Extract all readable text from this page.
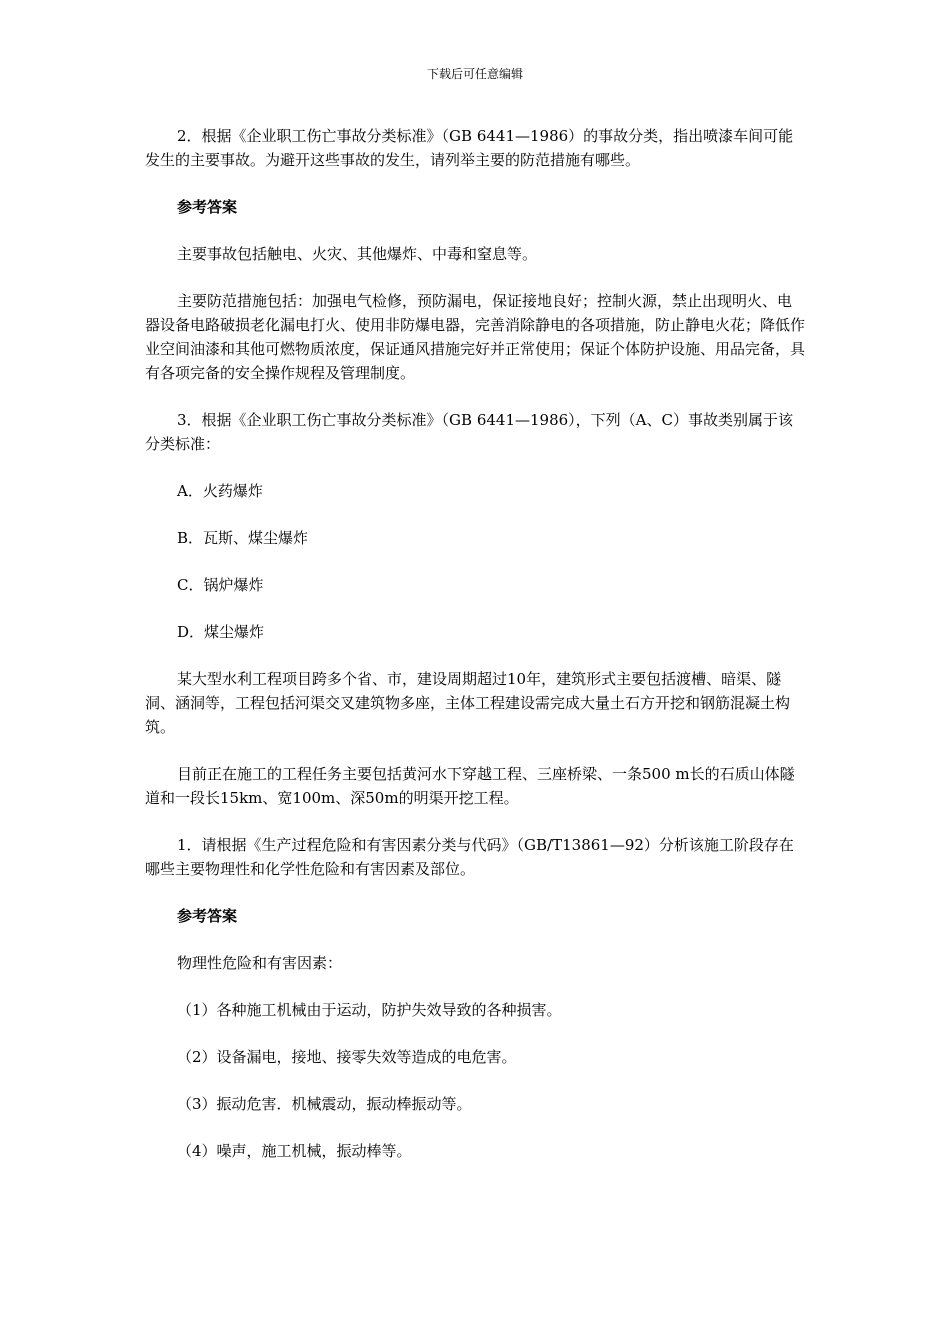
下载后可任意编辑

2．根据《企业职工伤亡事故分类标准》（GB 6441—1986）的事故分类，指出喷漆车间可能发生的主要事故。为避开这些事故的发生，请列举主要的防范措施有哪些。

参考答案

主要事故包括触电、火灾、其他爆炸、中毒和窒息等。

主要防范措施包括：加强电气检修，预防漏电，保证接地良好；控制火源，禁止出现明火、电器设备电路破损老化漏电打火、使用非防爆电器，完善消除静电的各项措施，防止静电火花；降低作业空间油漆和其他可燃物质浓度，保证通风措施完好并正常使用；保证个体防护设施、用品完备，具有各项完备的安全操作规程及管理制度。

3．根据《企业职工伤亡事故分类标准》（GB 6441—1986），下列（A、C）事故类别属于该分类标准：

A．火药爆炸

B．瓦斯、煤尘爆炸

C．锅炉爆炸

D．煤尘爆炸

某大型水利工程项目跨多个省、市，建设周期超过10年，建筑形式主要包括渡槽、暗渠、隧洞、涵洞等，工程包括河渠交叉建筑物多座，主体工程建设需完成大量土石方开挖和钢筋混凝土构筑。

目前正在施工的工程任务主要包括黄河水下穿越工程、三座桥梁、一条500 m长的石质山体隧道和一段长15km、宽100m、深50m的明渠开挖工程。

1．请根据《生产过程危险和有害因素分类与代码》（GB/T13861—92）分析该施工阶段存在哪些主要物理性和化学性危险和有害因素及部位。

参考答案

物理性危险和有害因素：

（1）各种施工机械由于运动，防护失效导致的各种损害。

（2）设备漏电，接地、接零失效等造成的电危害。

（3）振动危害．机械震动，振动棒振动等。

（4）噪声，施工机械，振动棒等。
